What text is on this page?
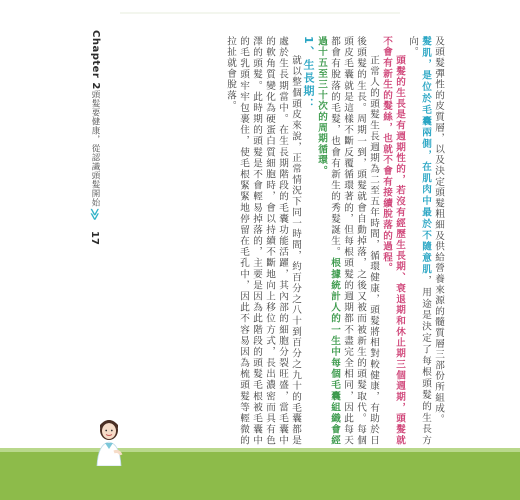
Chapter 2
頭髮要健康，從認識頭髮開始
≫
17	及頭髮彈性的皮質層，以及決定頭髮粗細及供給營養來源的髓質層三部份所組成。

髮肌，是位於毛囊兩側，在肌肉中最於不隨意肌，用途是決定了每根頭髮的生長方向。

頭髮的生長是有週期性的，若沒有經歷生長期、衰退期和休止期三個週期，頭髮就不會有新生的髮絲，也就不會有接續脫落的過程。

正常人的頭髮生長週期為二至五年時間，循環健康，頭髮將相對較健康，有助於日後頭髮的生長。周期一到，頭髮就會自動掉落，之後又被而被新生的頭髮取代。每個頭皮毛囊就是這樣不斷反覆循環著的，但每根頭髮的週期都不盡完全相同，因此每天都會有脫落的毛髮，也會有新生的秀髮誕生。根據統計人的一生中每個毛囊組織會經過十五至三十次的周期循環。

1、生長期：

就以整個頭皮來說，正常情況下同一時間，約百分之八十到百分之九十的毛囊都是處於生長期當中。在生長期階段的毛囊功能活躍，其內部的細胞分裂旺盛，當毛囊中的軟角質變化為硬蛋白質細胞時，會以持續不斷地向上移位方式，長出濃密而具有色澤的頭髮。此時期的頭髮是不會輕易掉落的，主要是因為此階段的頭髮毛根被毛囊中的毛乳頭牢牢包裹住，使毛根緊緊地停留在毛孔中，因此不容易因為梳頭髮等輕微的拉扯就會脫落。
